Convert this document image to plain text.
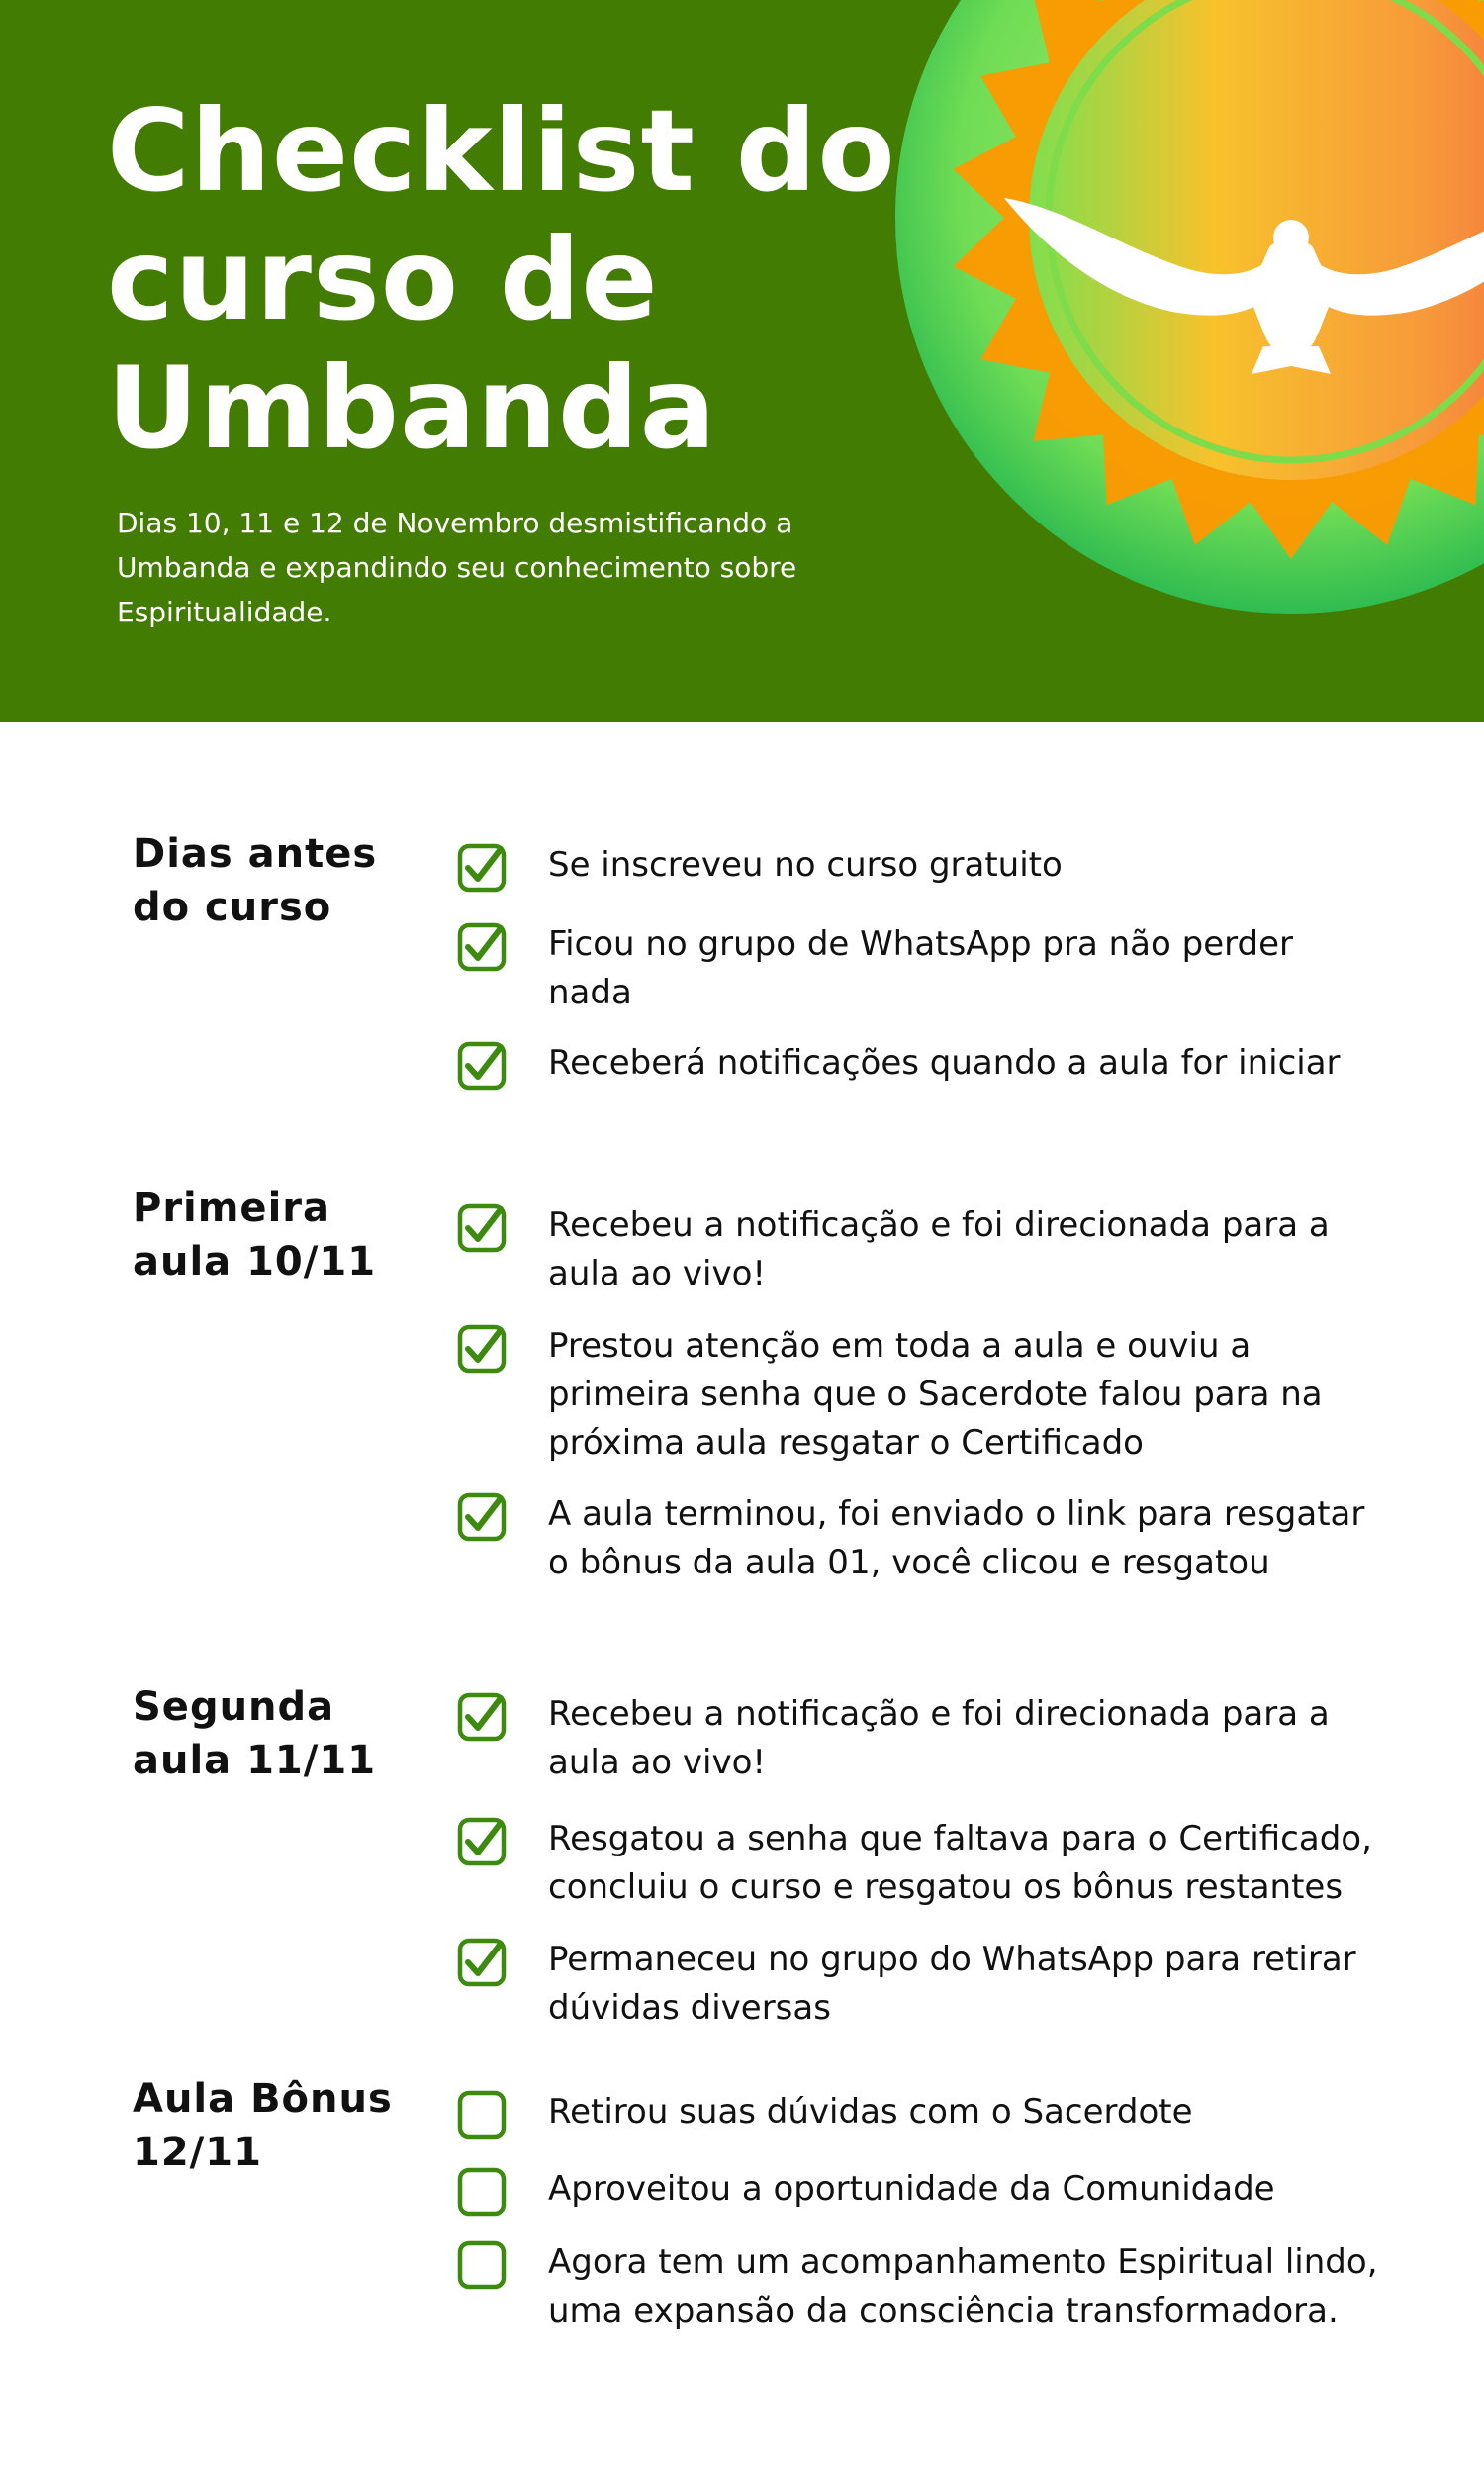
Checklist do
curso de
Umbanda

Dias 10, 11 e 12 de Novembro desmistificando a
Umbanda e expandindo seu conhecimento sobre
Espiritualidade.

Dias antes
do curso
Se inscreveu no curso gratuito
Ficou no grupo de WhatsApp pra não perder
nada
Receberá notificações quando a aula for iniciar
Primeira
aula 10/11
Recebeu a notificação e foi direcionada para a
aula ao vivo!
Prestou atenção em toda a aula e ouviu a
primeira senha que o Sacerdote falou para na
próxima aula resgatar o Certificado
A aula terminou, foi enviado o link para resgatar
o bônus da aula 01, você clicou e resgatou
Segunda
aula 11/11
Recebeu a notificação e foi direcionada para a
aula ao vivo!
Resgatou a senha que faltava para o Certificado,
concluiu o curso e resgatou os bônus restantes
Permaneceu no grupo do WhatsApp para retirar
dúvidas diversas
Aula Bônus
12/11
Retirou suas dúvidas com o Sacerdote
Aproveitou a oportunidade da Comunidade
Agora tem um acompanhamento Espiritual lindo,
uma expansão da consciência transformadora.
